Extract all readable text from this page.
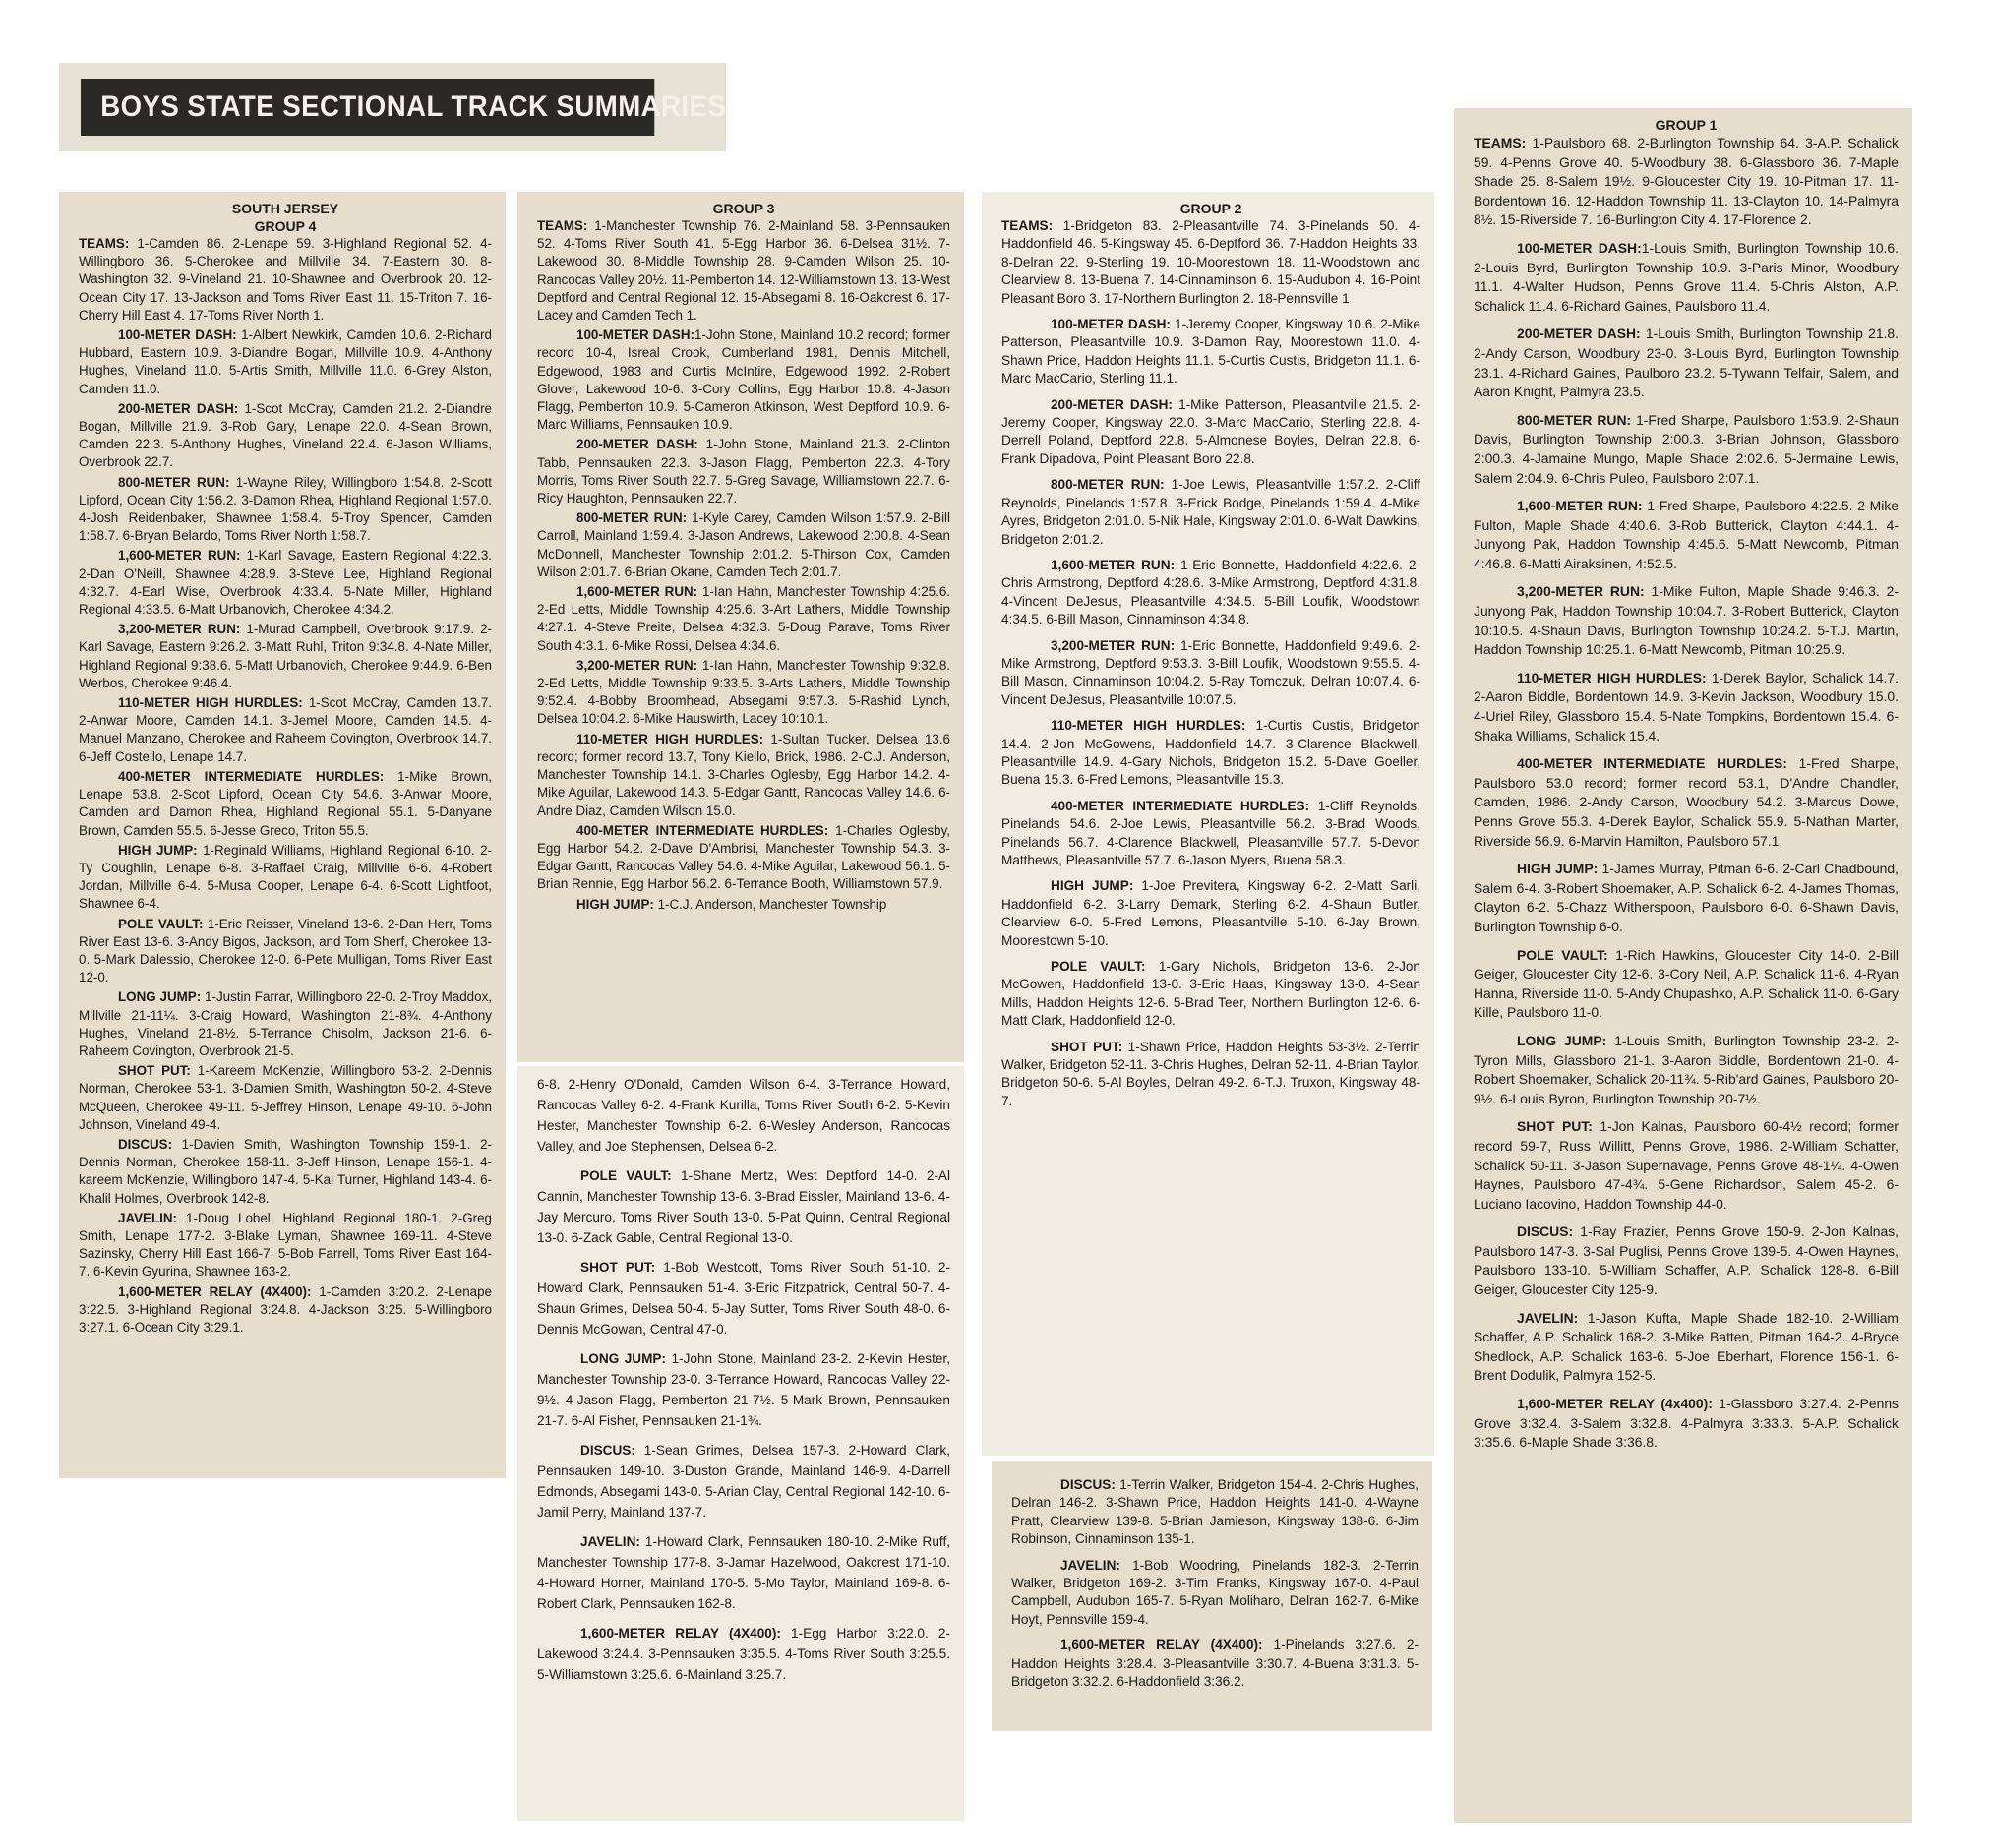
BOYS STATE SECTIONAL TRACK SUMMARIES
SOUTH JERSEY
GROUP 4

TEAMS: 1-Camden 86. 2-Lenape 59. 3-Highland Regional 52. 4-Willingboro 36. 5-Cherokee and Millville 34. 7-Eastern 30. 8-Washington 32. 9-Vineland 21. 10-Shawnee and Overbrook 20. 12-Ocean City 17. 13-Jackson and Toms River East 11. 15-Triton 7. 16-Cherry Hill East 4. 17-Toms River North 1.

100-METER DASH: 1-Albert Newkirk, Camden 10.6. 2-Richard Hubbard, Eastern 10.9. 3-Diandre Bogan, Millville 10.9. 4-Anthony Hughes, Vineland 11.0. 5-Artis Smith, Millville 11.0. 6-Grey Alston, Camden 11.0.

200-METER DASH: 1-Scot McCray, Camden 21.2. 2-Diandre Bogan, Millville 21.9. 3-Rob Gary, Lenape 22.0. 4-Sean Brown, Camden 22.3. 5-Anthony Hughes, Vineland 22.4. 6-Jason Williams, Overbrook 22.7.

800-METER RUN: 1-Wayne Riley, Willingboro 1:54.8. 2-Scott Lipford, Ocean City 1:56.2. 3-Damon Rhea, Highland Regional 1:57.0. 4-Josh Reidenbaker, Shawnee 1:58.4. 5-Troy Spencer, Camden 1:58.7. 6-Bryan Belardo, Toms River North 1:58.7.

1,600-METER RUN: 1-Karl Savage, Eastern Regional 4:22.3. 2-Dan O'Neill, Shawnee 4:28.9. 3-Steve Lee, Highland Regional 4:32.7. 4-Earl Wise, Overbrook 4:33.4. 5-Nate Miller, Highland Regional 4:33.5. 6-Matt Urbanovich, Cherokee 4:34.2.

3,200-METER RUN: 1-Murad Campbell, Overbrook 9:17.9. 2-Karl Savage, Eastern 9:26.2. 3-Matt Ruhl, Triton 9:34.8. 4-Nate Miller, Highland Regional 9:38.6. 5-Matt Urbanovich, Cherokee 9:44.9. 6-Ben Werbos, Cherokee 9:46.4.

110-METER HIGH HURDLES: 1-Scot McCray, Camden 13.7. 2-Anwar Moore, Camden 14.1. 3-Jemel Moore, Camden 14.5. 4-Manuel Manzano, Cherokee and Raheem Covington, Overbrook 14.7. 6-Jeff Costello, Lenape 14.7.

400-METER INTERMEDIATE HURDLES: 1-Mike Brown, Lenape 53.8. 2-Scot Lipford, Ocean City 54.6. 3-Anwar Moore, Camden and Damon Rhea, Highland Regional 55.1. 5-Danyane Brown, Camden 55.5. 6-Jesse Greco, Triton 55.5.

HIGH JUMP: 1-Reginald Williams, Highland Regional 6-10. 2-Ty Coughlin, Lenape 6-8. 3-Raffael Craig, Millville 6-6. 4-Robert Jordan, Millville 6-4. 5-Musa Cooper, Lenape 6-4. 6-Scott Lightfoot, Shawnee 6-4.

POLE VAULT: 1-Eric Reisser, Vineland 13-6. 2-Dan Herr, Toms River East 13-6. 3-Andy Bigos, Jackson, and Tom Sherf, Cherokee 13-0. 5-Mark Dalessio, Cherokee 12-0. 6-Pete Mulligan, Toms River East 12-0.

LONG JUMP: 1-Justin Farrar, Willingboro 22-0. 2-Troy Maddox, Millville 21-11¼. 3-Craig Howard, Washington 21-8¾. 4-Anthony Hughes, Vineland 21-8½. 5-Terrance Chisolm, Jackson 21-6. 6-Raheem Covington, Overbrook 21-5.

SHOT PUT: 1-Kareem McKenzie, Willingboro 53-2. 2-Dennis Norman, Cherokee 53-1. 3-Damien Smith, Washington 50-2. 4-Steve McQueen, Cherokee 49-11. 5-Jeffrey Hinson, Lenape 49-10. 6-John Johnson, Vineland 49-4.

DISCUS: 1-Davien Smith, Washington Township 159-1. 2-Dennis Norman, Cherokee 158-11. 3-Jeff Hinson, Lenape 156-1. 4-kareem McKenzie, Willingboro 147-4. 5-Kai Turner, Highland 143-4. 6-Khalil Holmes, Overbrook 142-8.

JAVELIN: 1-Doug Lobel, Highland Regional 180-1. 2-Greg Smith, Lenape 177-2. 3-Blake Lyman, Shawnee 169-11. 4-Steve Sazinsky, Cherry Hill East 166-7. 5-Bob Farrell, Toms River East 164-7. 6-Kevin Gyurina, Shawnee 163-2.

1,600-METER RELAY (4X400): 1-Camden 3:20.2. 2-Lenape 3:22.5. 3-Highland Regional 3:24.8. 4-Jackson 3:25. 5-Willingboro 3:27.1. 6-Ocean City 3:29.1.

GROUP 3

TEAMS: 1-Manchester Township 76. 2-Mainland 58. 3-Pennsauken 52. 4-Toms River South 41. 5-Egg Harbor 36. 6-Delsea 31½. 7-Lakewood 30. 8-Middle Township 28. 9-Camden Wilson 25. 10-Rancocas Valley 20½. 11-Pemberton 14. 12-Williamstown 13. 13-West Deptford and Central Regional 12. 15-Absegami 8. 16-Oakcrest 6. 17-Lacey and Camden Tech 1.

100-METER DASH:1-John Stone, Mainland 10.2 record; former record 10-4, Isreal Crook, Cumberland 1981, Dennis Mitchell, Edgewood, 1983 and Curtis McIntire, Edgewood 1992. 2-Robert Glover, Lakewood 10-6. 3-Cory Collins, Egg Harbor 10.8. 4-Jason Flagg, Pemberton 10.9. 5-Cameron Atkinson, West Deptford 10.9. 6-Marc Williams, Pennsauken 10.9.

200-METER DASH: 1-John Stone, Mainland 21.3. 2-Clinton Tabb, Pennsauken 22.3. 3-Jason Flagg, Pemberton 22.3. 4-Tory Morris, Toms River South 22.7. 5-Greg Savage, Williamstown 22.7. 6-Ricy Haughton, Pennsauken 22.7.

800-METER RUN: 1-Kyle Carey, Camden Wilson 1:57.9. 2-Bill Carroll, Mainland 1:59.4. 3-Jason Andrews, Lakewood 2:00.8. 4-Sean McDonnell, Manchester Township 2:01.2. 5-Thirson Cox, Camden Wilson 2:01.7. 6-Brian Okane, Camden Tech 2:01.7.

1,600-METER RUN: 1-Ian Hahn, Manchester Township 4:25.6. 2-Ed Letts, Middle Township 4:25.6. 3-Art Lathers, Middle Township 4:27.1. 4-Steve Preite, Delsea 4:32.3. 5-Doug Parave, Toms River South 4:3.1. 6-Mike Rossi, Delsea 4:34.6.

3,200-METER RUN: 1-Ian Hahn, Manchester Township 9:32.8. 2-Ed Letts, Middle Township 9:33.5. 3-Arts Lathers, Middle Township 9:52.4. 4-Bobby Broomhead, Absegami 9:57.3. 5-Rashid Lynch, Delsea 10:04.2. 6-Mike Hauswirth, Lacey 10:10.1.

110-METER HIGH HURDLES: 1-Sultan Tucker, Delsea 13.6 record; former record 13.7, Tony Kiello, Brick, 1986. 2-C.J. Anderson, Manchester Township 14.1. 3-Charles Oglesby, Egg Harbor 14.2. 4-Mike Aguilar, Lakewood 14.3. 5-Edgar Gantt, Rancocas Valley 14.6. 6-Andre Diaz, Camden Wilson 15.0.

400-METER INTERMEDIATE HURDLES: 1-Charles Oglesby, Egg Harbor 54.2. 2-Dave D'Ambrisi, Manchester Township 54.3. 3-Edgar Gantt, Rancocas Valley 54.6. 4-Mike Aguilar, Lakewood 56.1. 5-Brian Rennie, Egg Harbor 56.2. 6-Terrance Booth, Williamstown 57.9.

HIGH JUMP: 1-C.J. Anderson, Manchester Township

6-8. 2-Henry O'Donald, Camden Wilson 6-4. 3-Terrance Howard, Rancocas Valley 6-2. 4-Frank Kurilla, Toms River South 6-2. 5-Kevin Hester, Manchester Township 6-2. 6-Wesley Anderson, Rancocas Valley, and Joe Stephensen, Delsea 6-2.

POLE VAULT: 1-Shane Mertz, West Deptford 14-0. 2-Al Cannin, Manchester Township 13-6. 3-Brad Eissler, Mainland 13-6. 4-Jay Mercuro, Toms River South 13-0. 5-Pat Quinn, Central Regional 13-0. 6-Zack Gable, Central Regional 13-0.

SHOT PUT: 1-Bob Westcott, Toms River South 51-10. 2-Howard Clark, Pennsauken 51-4. 3-Eric Fitzpatrick, Central 50-7. 4-Shaun Grimes, Delsea 50-4. 5-Jay Sutter, Toms River South 48-0. 6-Dennis McGowan, Central 47-0.

LONG JUMP: 1-John Stone, Mainland 23-2. 2-Kevin Hester, Manchester Township 23-0. 3-Terrance Howard, Rancocas Valley 22-9½. 4-Jason Flagg, Pemberton 21-7½. 5-Mark Brown, Pennsauken 21-7. 6-Al Fisher, Pennsauken 21-1¾.

DISCUS: 1-Sean Grimes, Delsea 157-3. 2-Howard Clark, Pennsauken 149-10. 3-Duston Grande, Mainland 146-9. 4-Darrell Edmonds, Absegami 143-0. 5-Arian Clay, Central Regional 142-10. 6-Jamil Perry, Mainland 137-7.

JAVELIN: 1-Howard Clark, Pennsauken 180-10. 2-Mike Ruff, Manchester Township 177-8. 3-Jamar Hazelwood, Oakcrest 171-10. 4-Howard Horner, Mainland 170-5. 5-Mo Taylor, Mainland 169-8. 6-Robert Clark, Pennsauken 162-8.

1,600-METER RELAY (4X400): 1-Egg Harbor 3:22.0. 2-Lakewood 3:24.4. 3-Pennsauken 3:35.5. 4-Toms River South 3:25.5. 5-Williamstown 3:25.6. 6-Mainland 3:25.7.

GROUP 2

TEAMS: 1-Bridgeton 83. 2-Pleasantville 74. 3-Pinelands 50. 4-Haddonfield 46. 5-Kingsway 45. 6-Deptford 36. 7-Haddon Heights 33. 8-Delran 22. 9-Sterling 19. 10-Moorestown 18. 11-Woodstown and Clearview 8. 13-Buena 7. 14-Cinnaminson 6. 15-Audubon 4. 16-Point Pleasant Boro 3. 17-Northern Burlington 2. 18-Pennsville 1

100-METER DASH: 1-Jeremy Cooper, Kingsway 10.6. 2-Mike Patterson, Pleasantville 10.9. 3-Damon Ray, Moorestown 11.0. 4-Shawn Price, Haddon Heights 11.1. 5-Curtis Custis, Bridgeton 11.1. 6-Marc MacCario, Sterling 11.1.

200-METER DASH: 1-Mike Patterson, Pleasantville 21.5. 2-Jeremy Cooper, Kingsway 22.0. 3-Marc MacCario, Sterling 22.8. 4-Derrell Poland, Deptford 22.8. 5-Almonese Boyles, Delran 22.8. 6-Frank Dipadova, Point Pleasant Boro 22.8.

800-METER RUN: 1-Joe Lewis, Pleasantville 1:57.2. 2-Cliff Reynolds, Pinelands 1:57.8. 3-Erick Bodge, Pinelands 1:59.4. 4-Mike Ayres, Bridgeton 2:01.0. 5-Nik Hale, Kingsway 2:01.0. 6-Walt Dawkins, Bridgeton 2:01.2.

1,600-METER RUN: 1-Eric Bonnette, Haddonfield 4:22.6. 2-Chris Armstrong, Deptford 4:28.6. 3-Mike Armstrong, Deptford 4:31.8. 4-Vincent DeJesus, Pleasantville 4:34.5. 5-Bill Loufik, Woodstown 4:34.5. 6-Bill Mason, Cinnaminson 4:34.8.

3,200-METER RUN: 1-Eric Bonnette, Haddonfield 9:49.6. 2-Mike Armstrong, Deptford 9:53.3. 3-Bill Loufik, Woodstown 9:55.5. 4-Bill Mason, Cinnaminson 10:04.2. 5-Ray Tomczuk, Delran 10:07.4. 6-Vincent DeJesus, Pleasantville 10:07.5.

110-METER HIGH HURDLES: 1-Curtis Custis, Bridgeton 14.4. 2-Jon McGowens, Haddonfield 14.7. 3-Clarence Blackwell, Pleasantville 14.9. 4-Gary Nichols, Bridgeton 15.2. 5-Dave Goeller, Buena 15.3. 6-Fred Lemons, Pleasantville 15.3.

400-METER INTERMEDIATE HURDLES: 1-Cliff Reynolds, Pinelands 54.6. 2-Joe Lewis, Pleasantville 56.2. 3-Brad Woods, Pinelands 56.7. 4-Clarence Blackwell, Pleasantville 57.7. 5-Devon Matthews, Pleasantville 57.7. 6-Jason Myers, Buena 58.3.

HIGH JUMP: 1-Joe Previtera, Kingsway 6-2. 2-Matt Sarli, Haddonfield 6-2. 3-Larry Demark, Sterling 6-2. 4-Shaun Butler, Clearview 6-0. 5-Fred Lemons, Pleasantville 5-10. 6-Jay Brown, Moorestown 5-10.

POLE VAULT: 1-Gary Nichols, Bridgeton 13-6. 2-Jon McGowen, Haddonfield 13-0. 3-Eric Haas, Kingsway 13-0. 4-Sean Mills, Haddon Heights 12-6. 5-Brad Teer, Northern Burlington 12-6. 6-Matt Clark, Haddonfield 12-0.

SHOT PUT: 1-Shawn Price, Haddon Heights 53-3½. 2-Terrin Walker, Bridgeton 52-11. 3-Chris Hughes, Delran 52-11. 4-Brian Taylor, Bridgeton 50-6. 5-Al Boyles, Delran 49-2. 6-T.J. Truxon, Kingsway 48-7.

DISCUS: 1-Terrin Walker, Bridgeton 154-4. 2-Chris Hughes, Delran 146-2. 3-Shawn Price, Haddon Heights 141-0. 4-Wayne Pratt, Clearview 139-8. 5-Brian Jamieson, Kingsway 138-6. 6-Jim Robinson, Cinnaminson 135-1.

JAVELIN: 1-Bob Woodring, Pinelands 182-3. 2-Terrin Walker, Bridgeton 169-2. 3-Tim Franks, Kingsway 167-0. 4-Paul Campbell, Audubon 165-7. 5-Ryan Moliharo, Delran 162-7. 6-Mike Hoyt, Pennsville 159-4.

1,600-METER RELAY (4X400): 1-Pinelands 3:27.6. 2-Haddon Heights 3:28.4. 3-Pleasantville 3:30.7. 4-Buena 3:31.3. 5-Bridgeton 3:32.2. 6-Haddonfield 3:36.2.

GROUP 1

TEAMS: 1-Paulsboro 68. 2-Burlington Township 64. 3-A.P. Schalick 59. 4-Penns Grove 40. 5-Woodbury 38. 6-Glassboro 36. 7-Maple Shade 25. 8-Salem 19½. 9-Gloucester City 19. 10-Pitman 17. 11-Bordentown 16. 12-Haddon Township 11. 13-Clayton 10. 14-Palmyra 8½. 15-Riverside 7. 16-Burlington City 4. 17-Florence 2.

100-METER DASH:1-Louis Smith, Burlington Township 10.6. 2-Louis Byrd, Burlington Township 10.9. 3-Paris Minor, Woodbury 11.1. 4-Walter Hudson, Penns Grove 11.4. 5-Chris Alston, A.P. Schalick 11.4. 6-Richard Gaines, Paulsboro 11.4.

200-METER DASH: 1-Louis Smith, Burlington Township 21.8. 2-Andy Carson, Woodbury 23-0. 3-Louis Byrd, Burlington Township 23.1. 4-Richard Gaines, Paulboro 23.2. 5-Tywann Telfair, Salem, and Aaron Knight, Palmyra 23.5.

800-METER RUN: 1-Fred Sharpe, Paulsboro 1:53.9. 2-Shaun Davis, Burlington Township 2:00.3. 3-Brian Johnson, Glassboro 2:00.3. 4-Jamaine Mungo, Maple Shade 2:02.6. 5-Jermaine Lewis, Salem 2:04.9. 6-Chris Puleo, Paulsboro 2:07.1.

1,600-METER RUN: 1-Fred Sharpe, Paulsboro 4:22.5. 2-Mike Fulton, Maple Shade 4:40.6. 3-Rob Butterick, Clayton 4:44.1. 4-Junyong Pak, Haddon Township 4:45.6. 5-Matt Newcomb, Pitman 4:46.8. 6-Matti Airaksinen, 4:52.5.

3,200-METER RUN: 1-Mike Fulton, Maple Shade 9:46.3. 2-Junyong Pak, Haddon Township 10:04.7. 3-Robert Butterick, Clayton 10:10.5. 4-Shaun Davis, Burlington Township 10:24.2. 5-T.J. Martin, Haddon Township 10:25.1. 6-Matt Newcomb, Pitman 10:25.9.

110-METER HIGH HURDLES: 1-Derek Baylor, Schalick 14.7. 2-Aaron Biddle, Bordentown 14.9. 3-Kevin Jackson, Woodbury 15.0. 4-Uriel Riley, Glassboro 15.4. 5-Nate Tompkins, Bordentown 15.4. 6-Shaka Williams, Schalick 15.4.

400-METER INTERMEDIATE HURDLES: 1-Fred Sharpe, Paulsboro 53.0 record; former record 53.1, D'Andre Chandler, Camden, 1986. 2-Andy Carson, Woodbury 54.2. 3-Marcus Dowe, Penns Grove 55.3. 4-Derek Baylor, Schalick 55.9. 5-Nathan Marter, Riverside 56.9. 6-Marvin Hamilton, Paulsboro 57.1.

HIGH JUMP: 1-James Murray, Pitman 6-6. 2-Carl Chadbound, Salem 6-4. 3-Robert Shoemaker, A.P. Schalick 6-2. 4-James Thomas, Clayton 6-2. 5-Chazz Witherspoon, Paulsboro 6-0. 6-Shawn Davis, Burlington Township 6-0.

POLE VAULT: 1-Rich Hawkins, Gloucester City 14-0. 2-Bill Geiger, Gloucester City 12-6. 3-Cory Neil, A.P. Schalick 11-6. 4-Ryan Hanna, Riverside 11-0. 5-Andy Chupashko, A.P. Schalick 11-0. 6-Gary Kille, Paulsboro 11-0.

LONG JUMP: 1-Louis Smith, Burlington Township 23-2. 2-Tyron Mills, Glassboro 21-1. 3-Aaron Biddle, Bordentown 21-0. 4-Robert Shoemaker, Schalick 20-11¾. 5-Rib'ard Gaines, Paulsboro 20-9½. 6-Louis Byron, Burlington Township 20-7½.

SHOT PUT: 1-Jon Kalnas, Paulsboro 60-4½ record; former record 59-7, Russ Willitt, Penns Grove, 1986. 2-William Schatter, Schalick 50-11. 3-Jason Supernavage, Penns Grove 48-1¼. 4-Owen Haynes, Paulsboro 47-4¾. 5-Gene Richardson, Salem 45-2. 6-Luciano Iacovino, Haddon Township 44-0.

DISCUS: 1-Ray Frazier, Penns Grove 150-9. 2-Jon Kalnas, Paulsboro 147-3. 3-Sal Puglisi, Penns Grove 139-5. 4-Owen Haynes, Paulsboro 133-10. 5-William Schaffer, A.P. Schalick 128-8. 6-Bill Geiger, Gloucester City 125-9.

JAVELIN: 1-Jason Kufta, Maple Shade 182-10. 2-William Schaffer, A.P. Schalick 168-2. 3-Mike Batten, Pitman 164-2. 4-Bryce Shedlock, A.P. Schalick 163-6. 5-Joe Eberhart, Florence 156-1. 6-Brent Dodulik, Palmyra 152-5.

1,600-METER RELAY (4x400): 1-Glassboro 3:27.4. 2-Penns Grove 3:32.4. 3-Salem 3:32.8. 4-Palmyra 3:33.3. 5-A.P. Schalick 3:35.6. 6-Maple Shade 3:36.8.
